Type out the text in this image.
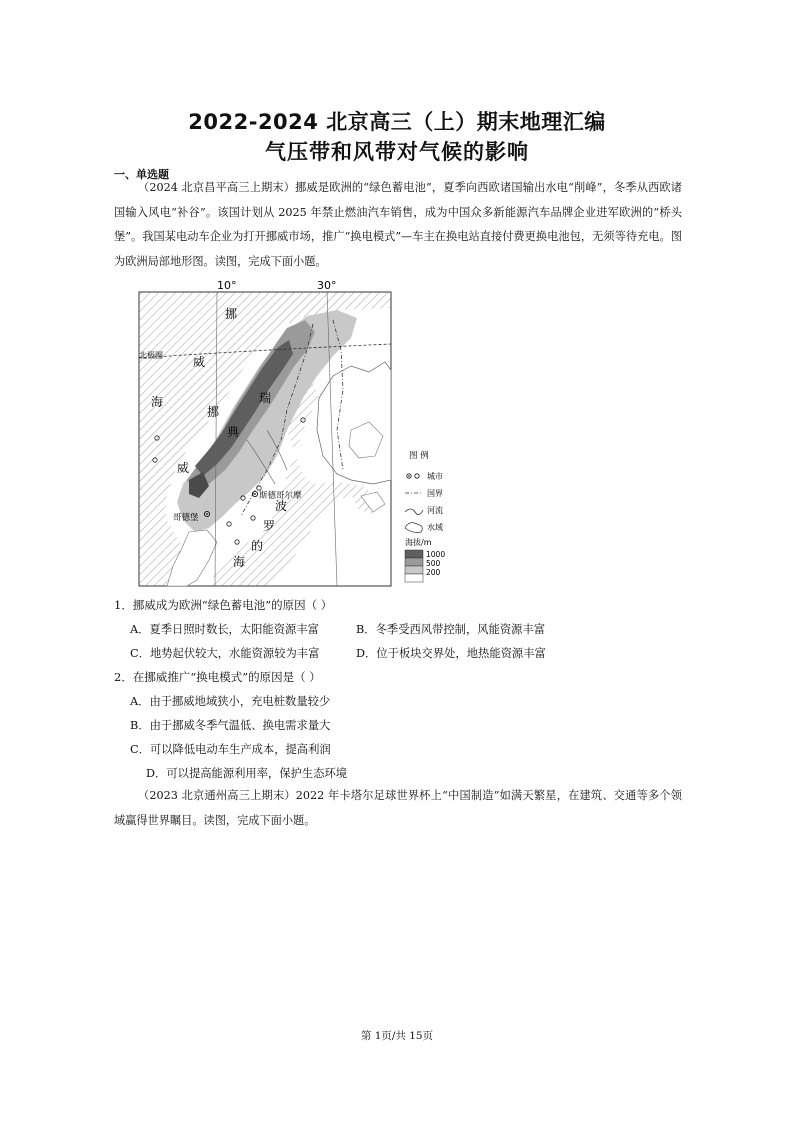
2022-2024 北京高三（上）期末地理汇编
气压带和风带对气候的影响
一、单选题
（2024 北京昌平高三上期末）挪威是欧洲的“绿色蓄电池”，夏季向西欧诸国输出水电“削峰”，冬季从西欧诸国输入风电“补谷”。该国计划从 2025 年禁止燃油汽车销售，成为中国众多新能源汽车品牌企业进军欧洲的“桥头堡”。我国某电动车企业为打开挪威市场，推广“换电模式”—车主在换电站直接付费更换电池包，无须等待充电。图为欧洲局部地形图。读图，完成下面小题。
10°	30°
北极圈
挪
威
海
挪
威
瑞
典
波
罗
的
海
斯德哥尔摩
哥德堡
图 例
城市
国界
河流
水域
海拔/m
1000
500
200
1．挪威成为欧洲“绿色蓄电池”的原因（ ）
A．夏季日照时数长，太阳能资源丰富	B．冬季受西风带控制，风能资源丰富
C．地势起伏较大，水能资源较为丰富	D．位于板块交界处，地热能资源丰富
2．在挪威推广“换电模式”的原因是（ ）
A．由于挪威地域狭小，充电桩数量较少
B．由于挪威冬季气温低、换电需求量大
C．可以降低电动车生产成本，提高利润
D．可以提高能源利用率，保护生态环境
（2023 北京通州高三上期末）2022 年卡塔尔足球世界杯上“中国制造”如满天繁星，在建筑、交通等多个领域赢得世界瞩目。读图，完成下面小题。
第 1页/共 15页
